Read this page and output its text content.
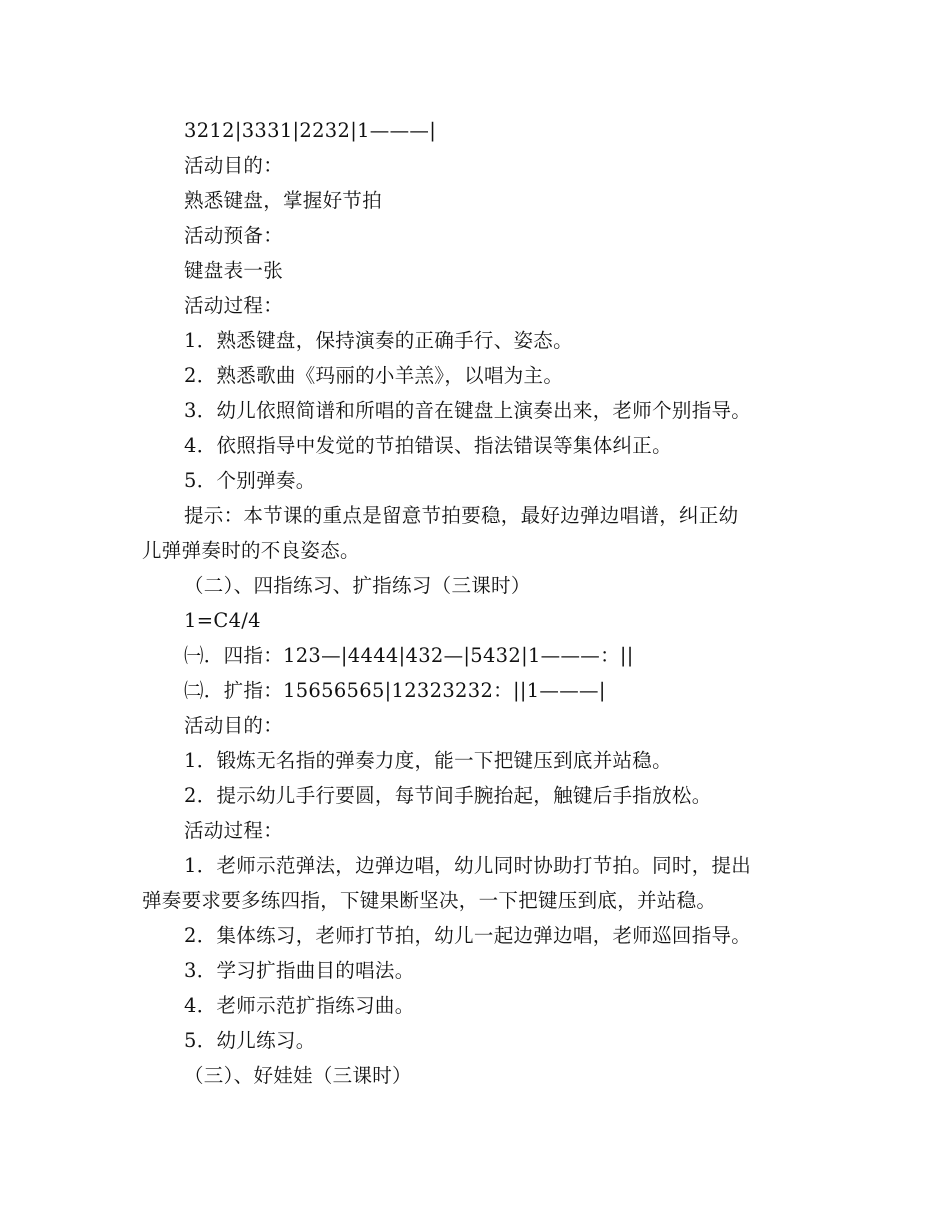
3212|3331|2232|1———|
活动目的：
熟悉键盘，掌握好节拍
活动预备：
键盘表一张
活动过程：
1．熟悉键盘，保持演奏的正确手行、姿态。
2．熟悉歌曲《玛丽的小羊羔》，以唱为主。
3．幼儿依照简谱和所唱的音在键盘上演奏出来，老师个别指导。
4．依照指导中发觉的节拍错误、指法错误等集体纠正。
5．个别弹奏。
提示：本节课的重点是留意节拍要稳，最好边弹边唱谱，纠正幼
儿弹弹奏时的不良姿态。
（二）、四指练习、扩指练习（三课时）
1=C4/4
㈠．四指：123—|4444|432—|5432|1———：||
㈡．扩指：15656565|12323232：||1———|
活动目的：
1．锻炼无名指的弹奏力度，能一下把键压到底并站稳。
2．提示幼儿手行要圆，每节间手腕抬起，触键后手指放松。
活动过程：
1．老师示范弹法，边弹边唱，幼儿同时协助打节拍。同时，提出
弹奏要求要多练四指，下键果断坚决，一下把键压到底，并站稳。
2．集体练习，老师打节拍，幼儿一起边弹边唱，老师巡回指导。
3．学习扩指曲目的唱法。
4．老师示范扩指练习曲。
5．幼儿练习。
（三）、好娃娃（三课时）
